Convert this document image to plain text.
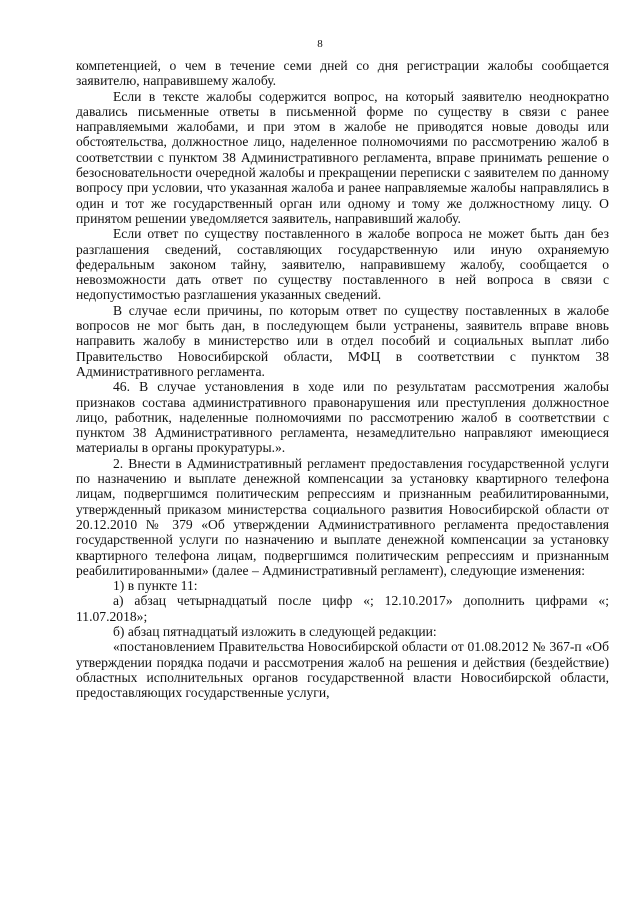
8

компетенцией, о чем в течение семи дней со дня регистрации жалобы сообщается заявителю, направившему жалобу.

Если в тексте жалобы содержится вопрос, на который заявителю неоднократно давались письменные ответы в письменной форме по существу в связи с ранее направляемыми жалобами, и при этом в жалобе не приводятся новые доводы или обстоятельства, должностное лицо, наделенное полномочиями по рассмотрению жалоб в соответствии с пунктом 38 Административного регламента, вправе принимать решение о безосновательности очередной жалобы и прекращении переписки с заявителем по данному вопросу при условии, что указанная жалоба и ранее направляемые жалобы направлялись в один и тот же государственный орган или одному и тому же должностному лицу. О принятом решении уведомляется заявитель, направивший жалобу.

Если ответ по существу поставленного в жалобе вопроса не может быть дан без разглашения сведений, составляющих государственную или иную охраняемую федеральным законом тайну, заявителю, направившему жалобу, сообщается о невозможности дать ответ по существу поставленного в ней вопроса в связи с недопустимостью разглашения указанных сведений.

В случае если причины, по которым ответ по существу поставленных в жалобе вопросов не мог быть дан, в последующем были устранены, заявитель вправе вновь направить жалобу в министерство или в отдел пособий и социальных выплат либо Правительство Новосибирской области, МФЦ в соответствии с пунктом 38 Административного регламента.

46. В случае установления в ходе или по результатам рассмотрения жалобы признаков состава административного правонарушения или преступления должностное лицо, работник, наделенные полномочиями по рассмотрению жалоб в соответствии с пунктом 38 Административного регламента, незамедлительно направляют имеющиеся материалы в органы прокуратуры.».

2. Внести в Административный регламент предоставления государственной услуги по назначению и выплате денежной компенсации за установку квартирного телефона лицам, подвергшимся политическим репрессиям и признанным реабилитированными, утвержденный приказом министерства социального развития Новосибирской области от 20.12.2010 № 379 «Об утверждении Административного регламента предоставления государственной услуги по назначению и выплате денежной компенсации за установку квартирного телефона лицам, подвергшимся политическим репрессиям и признанным реабилитированными» (далее – Административный регламент), следующие изменения:

1) в пункте 11:

а) абзац четырнадцатый после цифр «; 12.10.2017» дополнить цифрами «; 11.07.2018»;

б) абзац пятнадцатый изложить в следующей редакции:

«постановлением Правительства Новосибирской области от 01.08.2012 № 367-п «Об утверждении порядка подачи и рассмотрения жалоб на решения и действия (бездействие) областных исполнительных органов государственной власти Новосибирской области, предоставляющих государственные услуги,
